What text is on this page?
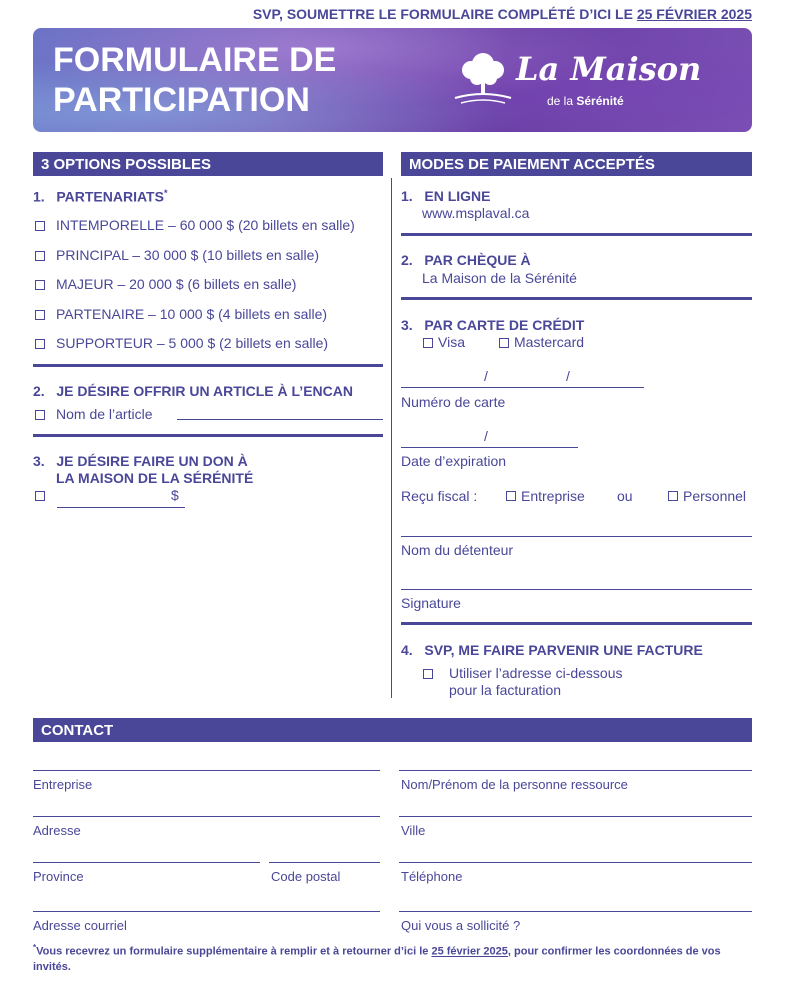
SVP, SOUMETTRE LE FORMULAIRE COMPLÉTÉ D’ICI LE 25 FÉVRIER 2025
FORMULAIRE DE
PARTICIPATION
La Maison
de la Sérénité
3 OPTIONS POSSIBLES
1. PARTENARIATS*
INTEMPORELLE – 60 000 $ (20 billets en salle)
PRINCIPAL – 30 000 $ (10 billets en salle)
MAJEUR – 20 000 $ (6 billets en salle)
PARTENAIRE – 10 000 $ (4 billets en salle)
SUPPORTEUR – 5 000 $ (2 billets en salle)
2. JE DÉSIRE OFFRIR UN ARTICLE À L’ENCAN
Nom de l’article
3. JE DÉSIRE FAIRE UN DON À
LA MAISON DE LA SÉRÉNITÉ
$
MODES DE PAIEMENT ACCEPTÉS
1. EN LIGNE
www.msplaval.ca
2. PAR CHÈQUE À
La Maison de la Sérénité
3. PAR CARTE DE CRÉDIT
Visa	Mastercard
/	/
Numéro de carte
/
Date d’expiration
Reçu fiscal :	Entreprise ou	Personnel
Nom du détenteur
Signature
4. SVP, ME FAIRE PARVENIR UNE FACTURE
Utiliser l’adresse ci-dessous
pour la facturation
CONTACT
Entreprise	Nom/Prénom de la personne ressource
Adresse	Ville
Province	Code postal	Téléphone
Adresse courriel	Qui vous a sollicité ?
*Vous recevrez un formulaire supplémentaire à remplir et à retourner d’ici le 25 février 2025, pour confirmer les coordonnées de vos invités.
